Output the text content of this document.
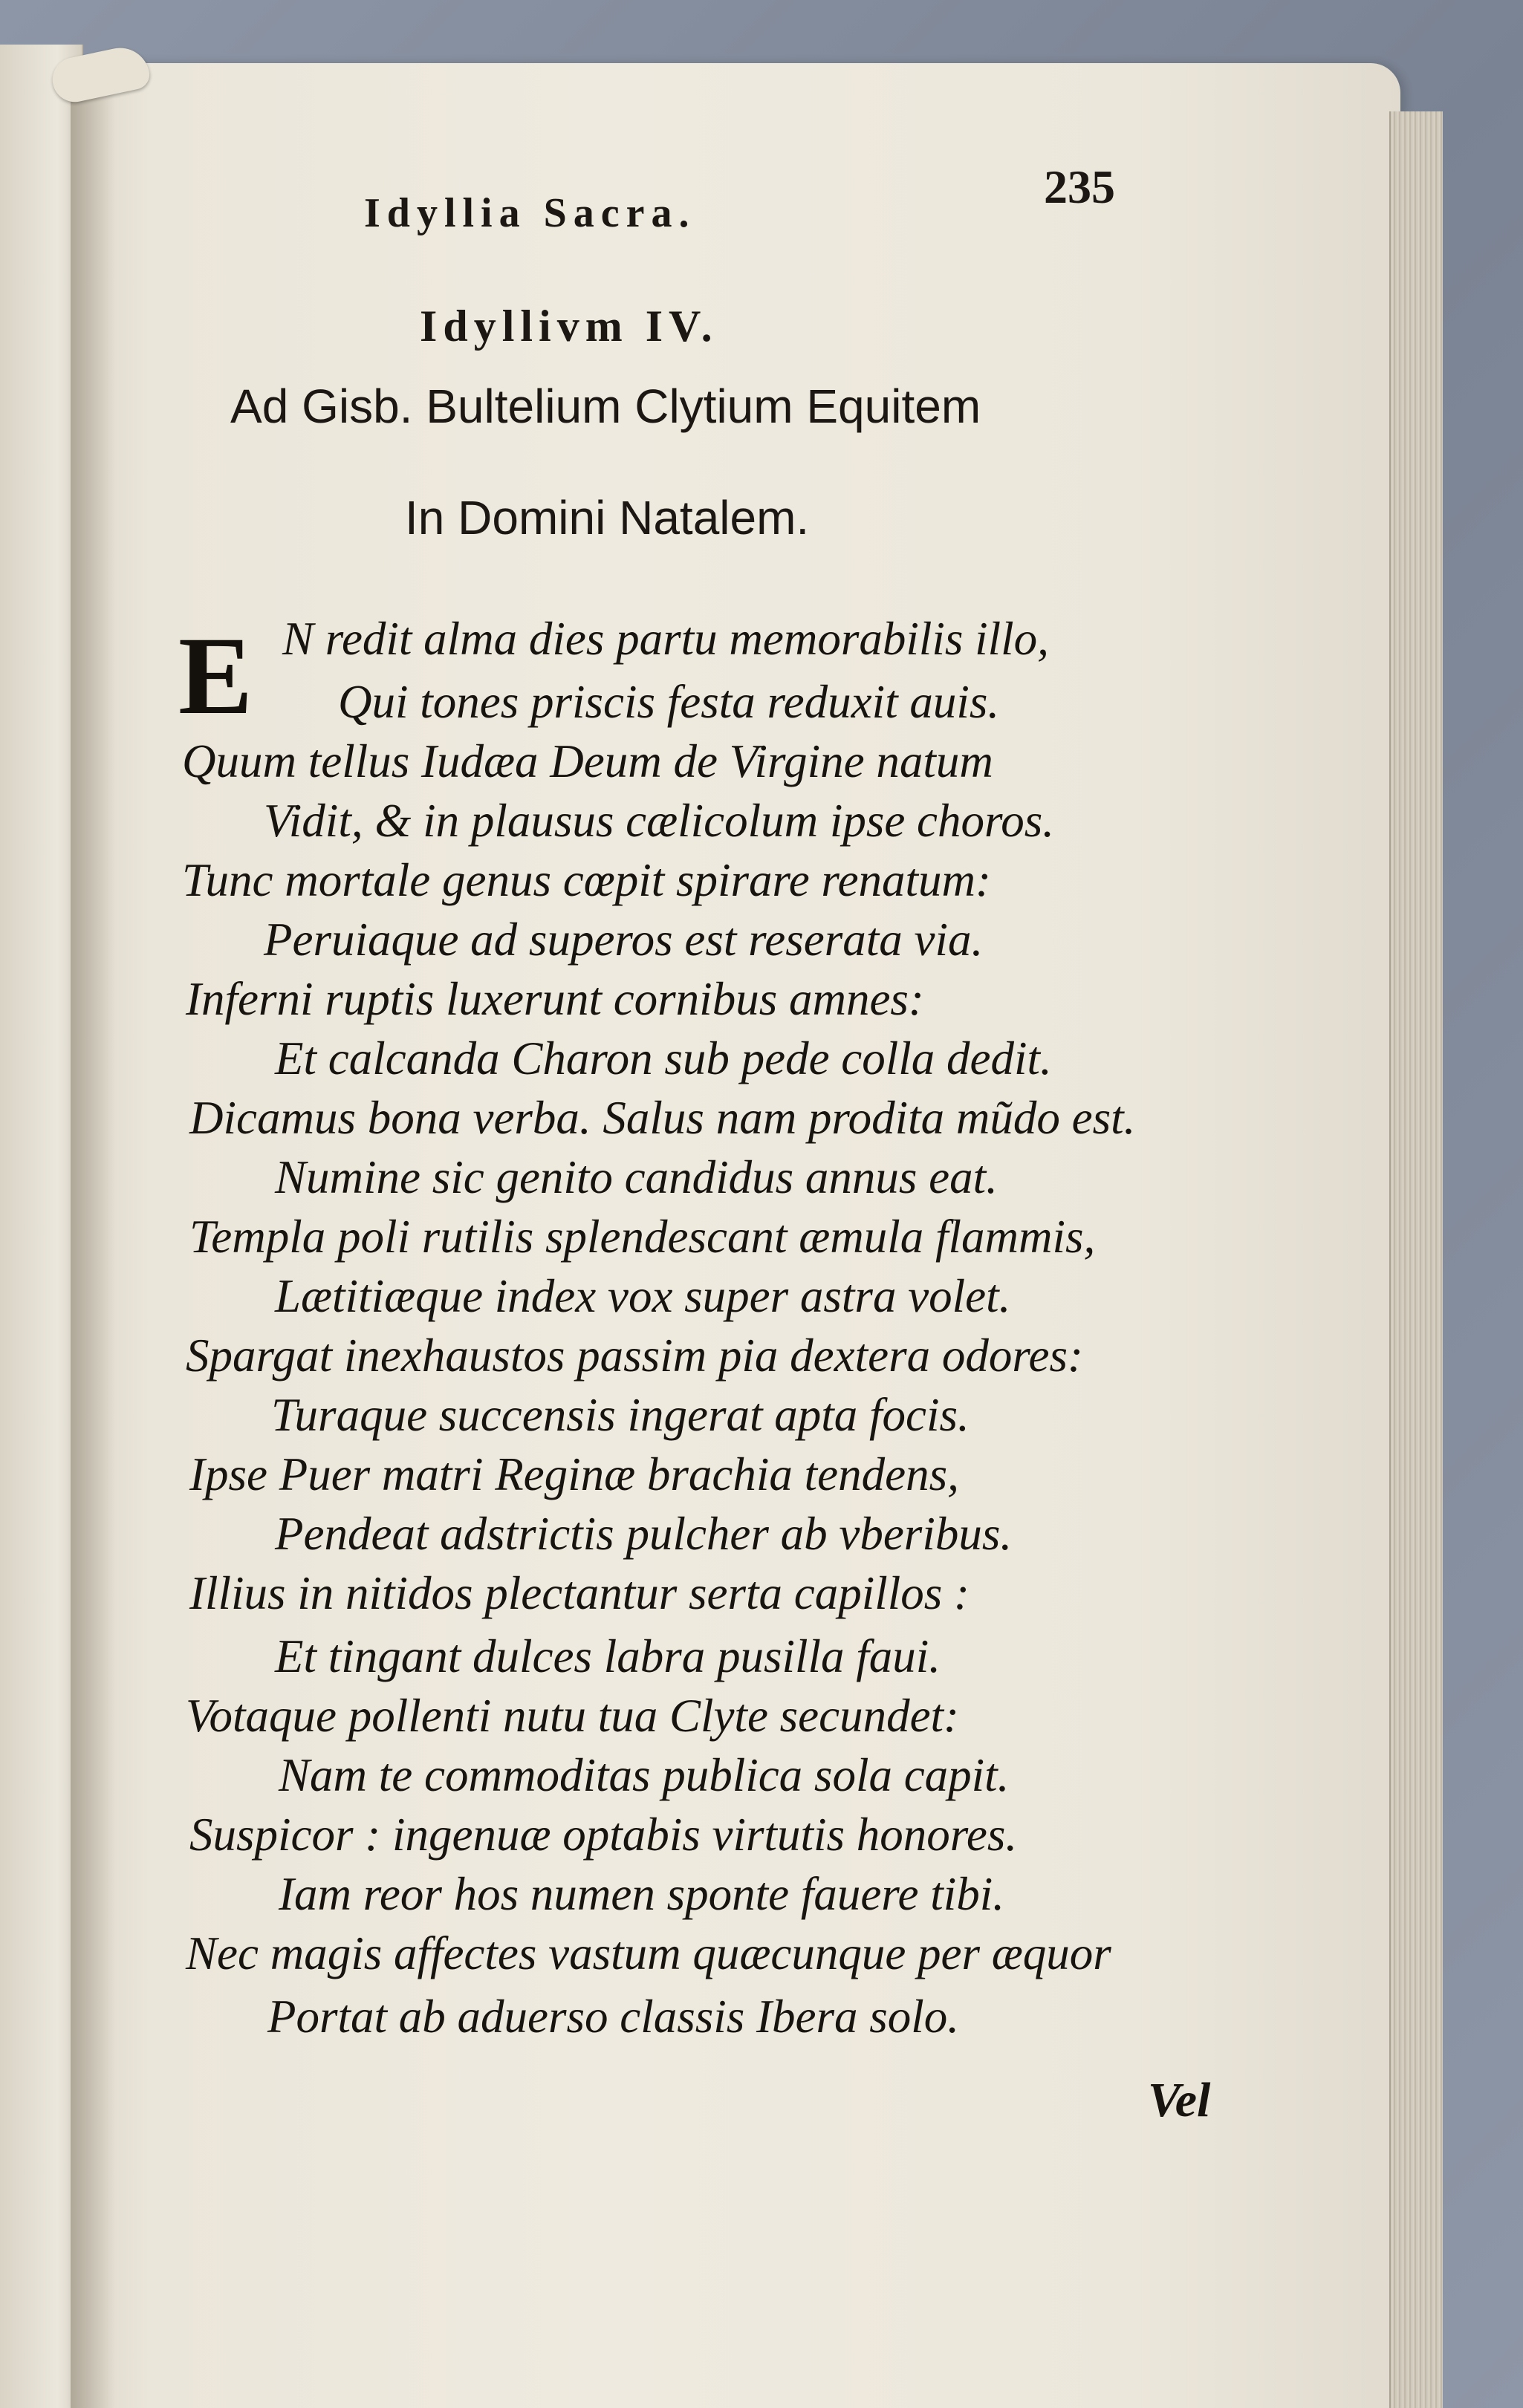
Idyllia Sacra.	235
Idyllivm IV.
Ad Gisb. Bultelium Clytium Equitem
In Domini Natalem.
E N redit alma dies partu memorabilis illo,
Qui tones priscis festa reduxit auis.
Quum tellus Iudæa Deum de Virgine natum
Vidit, & in plausus cælicolum ipse choros.
Tunc mortale genus cœpit spirare renatum:
Peruiaque ad superos est reserata via.
Inferni ruptis luxerunt cornibus amnes:
Et calcanda Charon sub pede colla dedit.
Dicamus bona verba. Salus nam prodita mũdo est.
Numine sic genito candidus annus eat.
Templa poli rutilis splendescant æmula flammis,
Lætitiæque index vox super astra volet.
Spargat inexhaustos passim pia dextera odores:
Turaque succensis ingerat apta focis.
Ipse Puer matri Reginæ brachia tendens,
Pendeat adstrictis pulcher ab vberibus.
Illius in nitidos plectantur serta capillos :
Et tingant dulces labra pusilla faui.
Votaque pollenti nutu tua Clyte secundet:
Nam te commoditas publica sola capit.
Suspicor : ingenuæ optabis virtutis honores.
Iam reor hos numen sponte fauere tibi.
Nec magis affectes vastum quæcunque per æquor
Portat ab aduerso classis Ibera solo.
Vel
